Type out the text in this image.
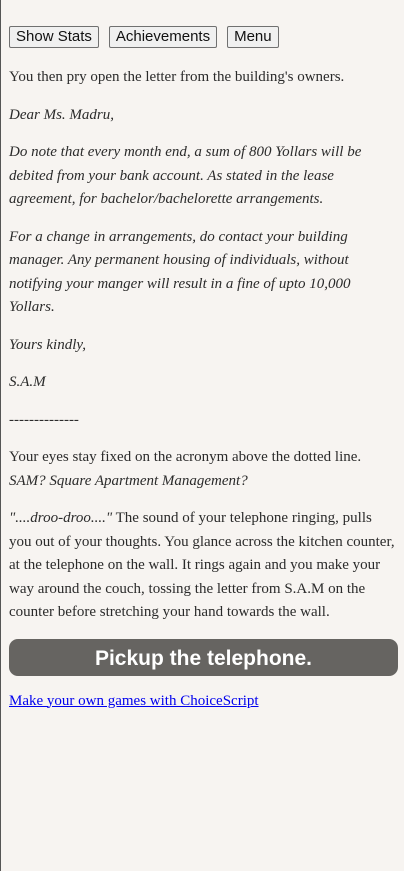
Show Stats	Achievements	Menu

You then pry open the letter from the building's owners.

Dear Ms. Madru,

Do note that every month end, a sum of 800 Yollars will be debited from your bank account. As stated in the lease agreement, for bachelor/bachelorette arrangements.

For a change in arrangements, do contact your building manager. Any permanent housing of individuals, without notifying your manger will result in a fine of upto 10,000 Yollars.

Yours kindly,

S.A.M

--------------

Your eyes stay fixed on the acronym above the dotted line.
SAM? Square Apartment Management?

"....droo-droo...." The sound of your telephone ringing, pulls you out of your thoughts. You glance across the kitchen counter, at the telephone on the wall. It rings again and you make your way around the couch, tossing the letter from S.A.M on the counter before stretching your hand towards the wall.

Pickup the telephone.
Make your own games with ChoiceScript
